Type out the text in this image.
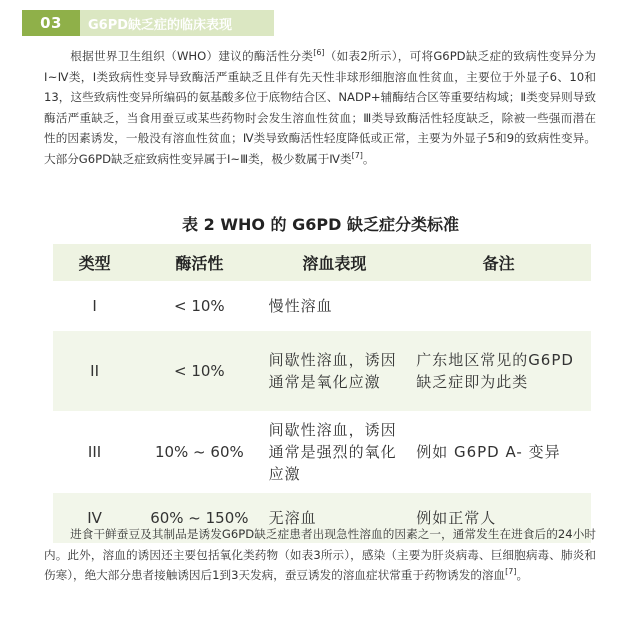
03	G6PD缺乏症的临床表现

根据世界卫生组织（WHO）建议的酶活性分类[6]（如表2所示），可将G6PD缺乏症的致病性变异分为Ⅰ~Ⅳ类，Ⅰ类致病性变异导致酶活严重缺乏且伴有先天性非球形细胞溶血性贫血，主要位于外显子6、10和13，这些致病性变异所编码的氨基酸多位于底物结合区、NADP+辅酶结合区等重要结构域；Ⅱ类变异则导致酶活严重缺乏，当食用蚕豆或某些药物时会发生溶血性贫血；Ⅲ类导致酶活性轻度缺乏，除被一些强而潜在性的因素诱发，一般没有溶血性贫血；Ⅳ类导致酶活性轻度降低或正常，主要为外显子5和9的致病性变异。大部分G6PD缺乏症致病性变异属于Ⅰ~Ⅲ类，极少数属于Ⅳ类[7]。

表 2 WHO 的 G6PD 缺乏症分类标准
类型	酶活性	溶血表现	备注
I	< 10%	慢性溶血	
II	< 10%	间歇性溶血，诱因通常是氧化应激	广东地区常见的G6PD缺乏症即为此类
III	10% ~ 60%	间歇性溶血，诱因通常是强烈的氧化应激	例如 G6PD A- 变异
IV	60% ~ 150%	无溶血	例如正常人

进食干鲜蚕豆及其制品是诱发G6PD缺乏症患者出现急性溶血的因素之一，通常发生在进食后的24小时内。此外，溶血的诱因还主要包括氧化类药物（如表3所示），感染（主要为肝炎病毒、巨细胞病毒、肺炎和伤寒），绝大部分患者接触诱因后1到3天发病，蚕豆诱发的溶血症状常重于药物诱发的溶血[7]。
